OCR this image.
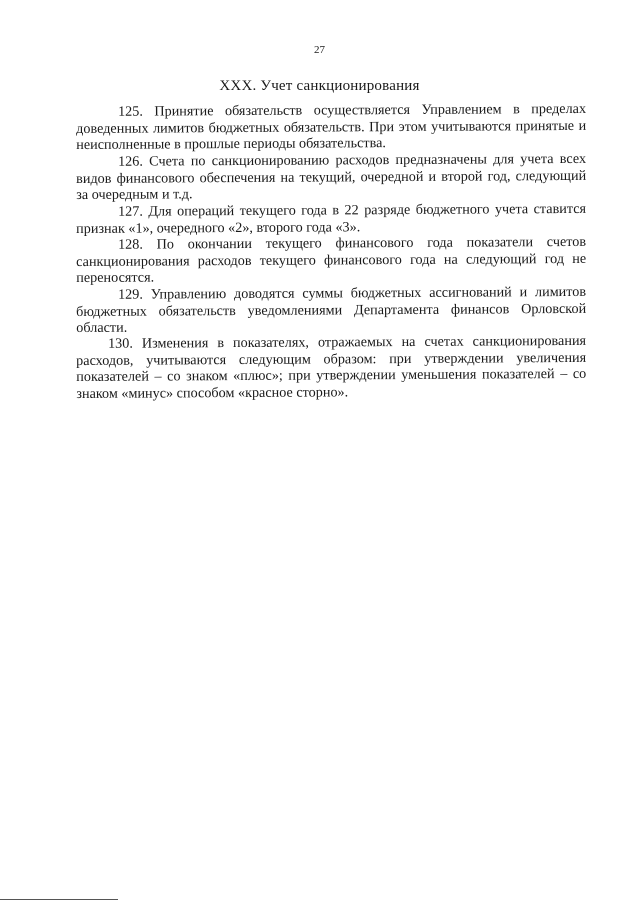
27
XXX. Учет санкционирования

125. Принятие обязательств осуществляется Управлением в пределах доведенных лимитов бюджетных обязательств. При этом учитываются принятые и неисполненные в прошлые периоды обязательства.

126. Счета по санкционированию расходов предназначены для учета всех видов финансового обеспечения на текущий, очередной и второй год, следующий за очередным и т.д.

127. Для операций текущего года в 22 разряде бюджетного учета ставится признак «1», очередного «2», второго года «3».

128. По окончании текущего финансового года показатели счетов санкционирования расходов текущего финансового года на следующий год не переносятся.

129. Управлению доводятся суммы бюджетных ассигнований и лимитов бюджетных обязательств уведомлениями Департамента финансов Орловской области.

130. Изменения в показателях, отражаемых на счетах санкционирования расходов, учитываются следующим образом: при утверждении увеличения показателей – со знаком «плюс»; при утверждении уменьшения показателей – со знаком «минус» способом «красное сторно».
